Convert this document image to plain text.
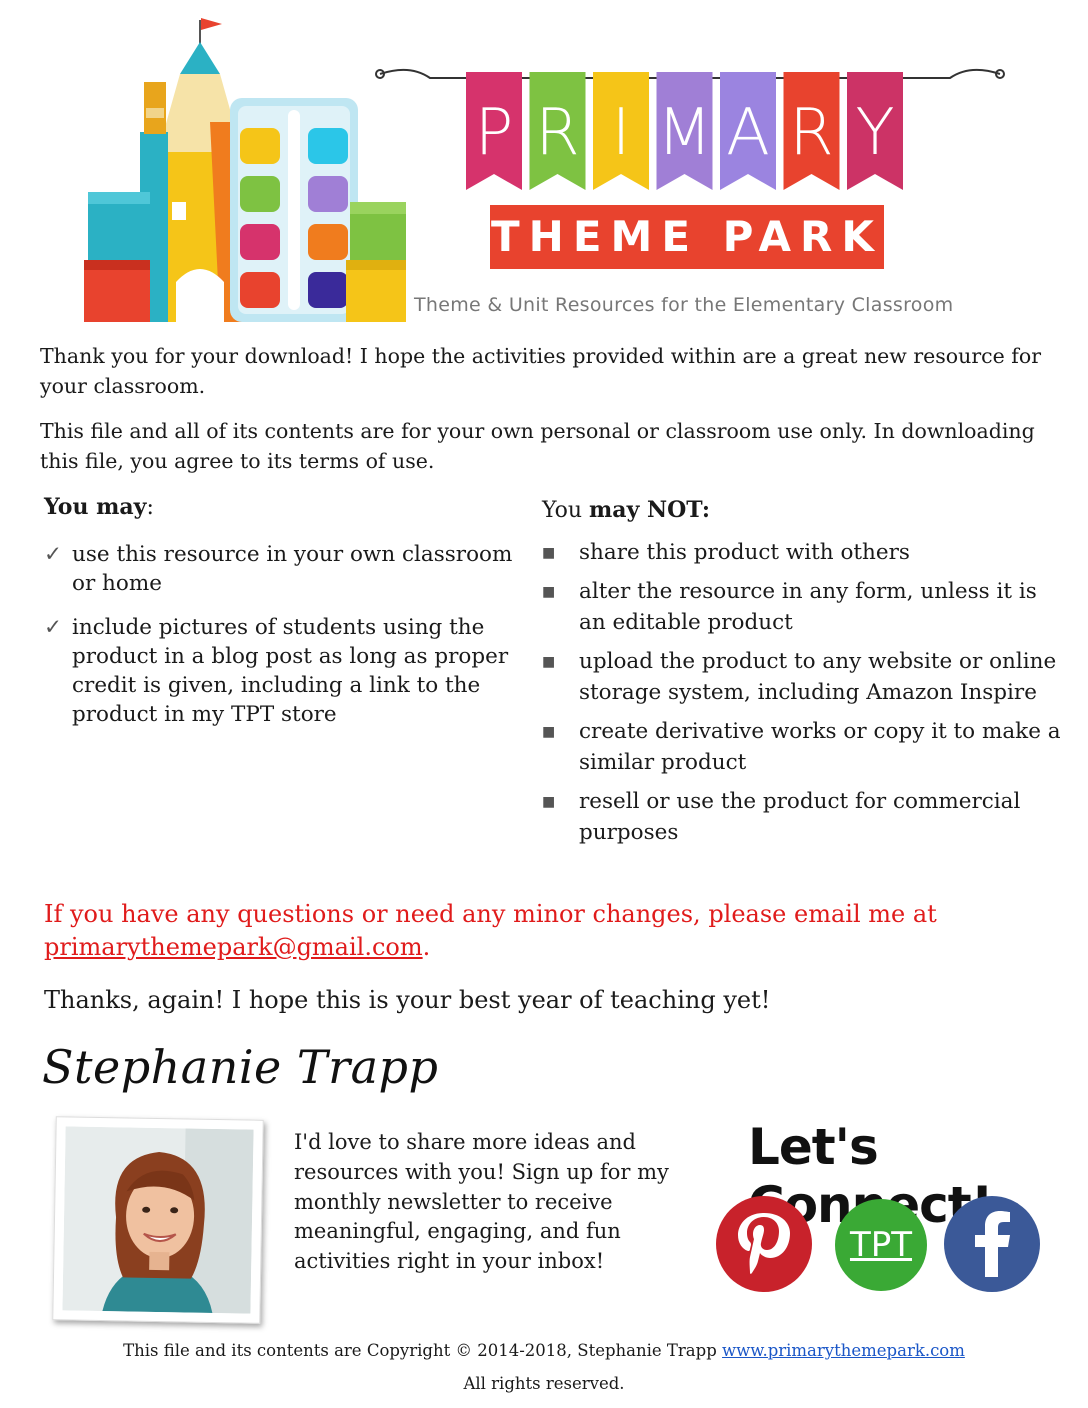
P R I M A R Y
THEME PARK
Theme & Unit Resources for the Elementary Classroom

Thank you for your download! I hope the activities provided within are a great new resource for your classroom.

This file and all of its contents are for your own personal or classroom use only. In downloading this file, you agree to its terms of use.

You may:

✓ use this resource in your own classroom or home
✓ include pictures of students using the product in a blog post as long as proper credit is given, including a link to the product in my TPT store

You may NOT:

■ share this product with others
■ alter the resource in any form, unless it is an editable product
■ upload the product to any website or online storage system, including Amazon Inspire
■ create derivative works or copy it to make a similar product
■ resell or use the product for commercial purposes

If you have any questions or need any minor changes, please email me at primarythemepark@gmail.com.

Thanks, again! I hope this is your best year of teaching yet!

Stephanie Trapp

I'd love to share more ideas and resources with you! Sign up for my monthly newsletter to receive meaningful, engaging, and fun activities right in your inbox!

Let's
TPT

This file and its contents are Copyright © 2014-2018, Stephanie Trapp www.primarythemepark.com

All rights reserved.
